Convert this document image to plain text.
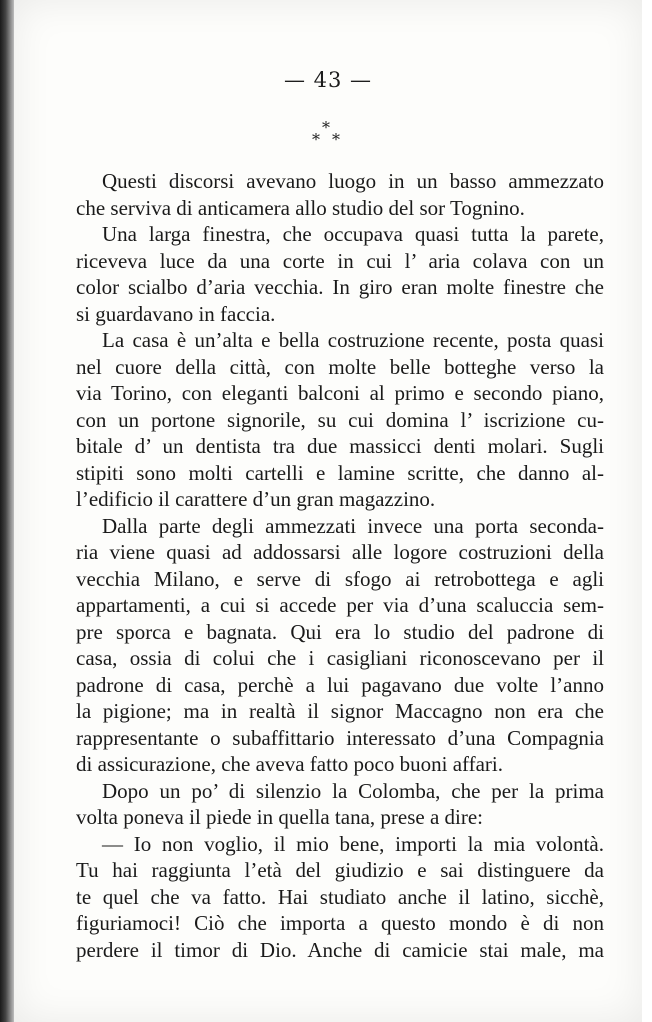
— 43 —
*
* *
Questi discorsi avevano luogo in un basso ammezzato
che serviva di anticamera allo studio del sor Tognino.
Una larga finestra, che occupava quasi tutta la parete,
riceveva luce da una corte in cui l’ aria colava con un
color scialbo d’aria vecchia. In giro eran molte finestre che
si guardavano in faccia.
La casa è un’alta e bella costruzione recente, posta quasi
nel cuore della città, con molte belle botteghe verso la
via Torino, con eleganti balconi al primo e secondo piano,
con un portone signorile, su cui domina l’ iscrizione cu-
bitale d’ un dentista tra due massicci denti molari. Sugli
stipiti sono molti cartelli e lamine scritte, che danno al-
l’edificio il carattere d’un gran magazzino.
Dalla parte degli ammezzati invece una porta seconda-
ria viene quasi ad addossarsi alle logore costruzioni della
vecchia Milano, e serve di sfogo ai retrobottega e agli
appartamenti, a cui si accede per via d’una scaluccia sem-
pre sporca e bagnata. Qui era lo studio del padrone di
casa, ossia di colui che i casigliani riconoscevano per il
padrone di casa, perchè a lui pagavano due volte l’anno
la pigione; ma in realtà il signor Maccagno non era che
rappresentante o subaffittario interessato d’una Compagnia
di assicurazione, che aveva fatto poco buoni affari.
Dopo un po’ di silenzio la Colomba, che per la prima
volta poneva il piede in quella tana, prese a dire:
— Io non voglio, il mio bene, importi la mia volontà.
Tu hai raggiunta l’età del giudizio e sai distinguere da
te quel che va fatto. Hai studiato anche il latino, sicchè,
figuriamoci! Ciò che importa a questo mondo è di non
perdere il timor di Dio. Anche di camicie stai male, ma
